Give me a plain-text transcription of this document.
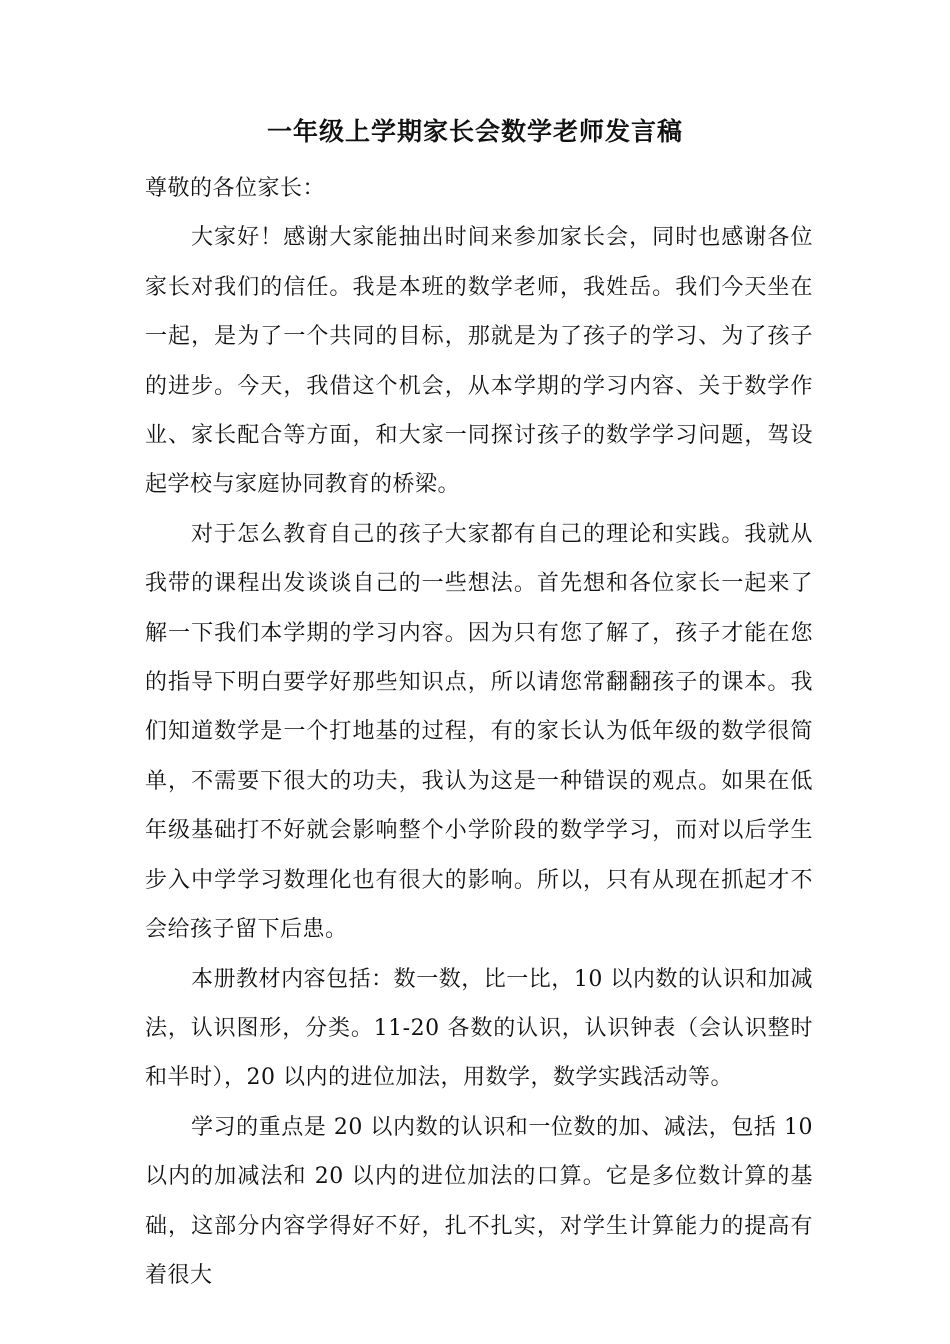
一年级上学期家长会数学老师发言稿

尊敬的各位家长：

大家好！感谢大家能抽出时间来参加家长会，同时也感谢各位家长对我们的信任。我是本班的数学老师，我姓岳。我们今天坐在一起，是为了一个共同的目标，那就是为了孩子的学习、为了孩子的进步。今天，我借这个机会，从本学期的学习内容、关于数学作业、家长配合等方面，和大家一同探讨孩子的数学学习问题，驾设起学校与家庭协同教育的桥梁。

对于怎么教育自己的孩子大家都有自己的理论和实践。我就从我带的课程出发谈谈自己的一些想法。首先想和各位家长一起来了解一下我们本学期的学习内容。因为只有您了解了，孩子才能在您的指导下明白要学好那些知识点，所以请您常翻翻孩子的课本。我们知道数学是一个打地基的过程，有的家长认为低年级的数学很简单，不需要下很大的功夫，我认为这是一种错误的观点。如果在低年级基础打不好就会影响整个小学阶段的数学学习，而对以后学生步入中学学习数理化也有很大的影响。所以，只有从现在抓起才不会给孩子留下后患。

本册教材内容包括：数一数，比一比，10 以内数的认识和加减法，认识图形，分类。11-20 各数的认识，认识钟表（会认识整时和半时），20 以内的进位加法，用数学，数学实践活动等。

学习的重点是 20 以内数的认识和一位数的加、减法，包括 10 以内的加减法和 20 以内的进位加法的口算。它是多位数计算的基础，这部分内容学得好不好，扎不扎实，对学生计算能力的提高有着很大
